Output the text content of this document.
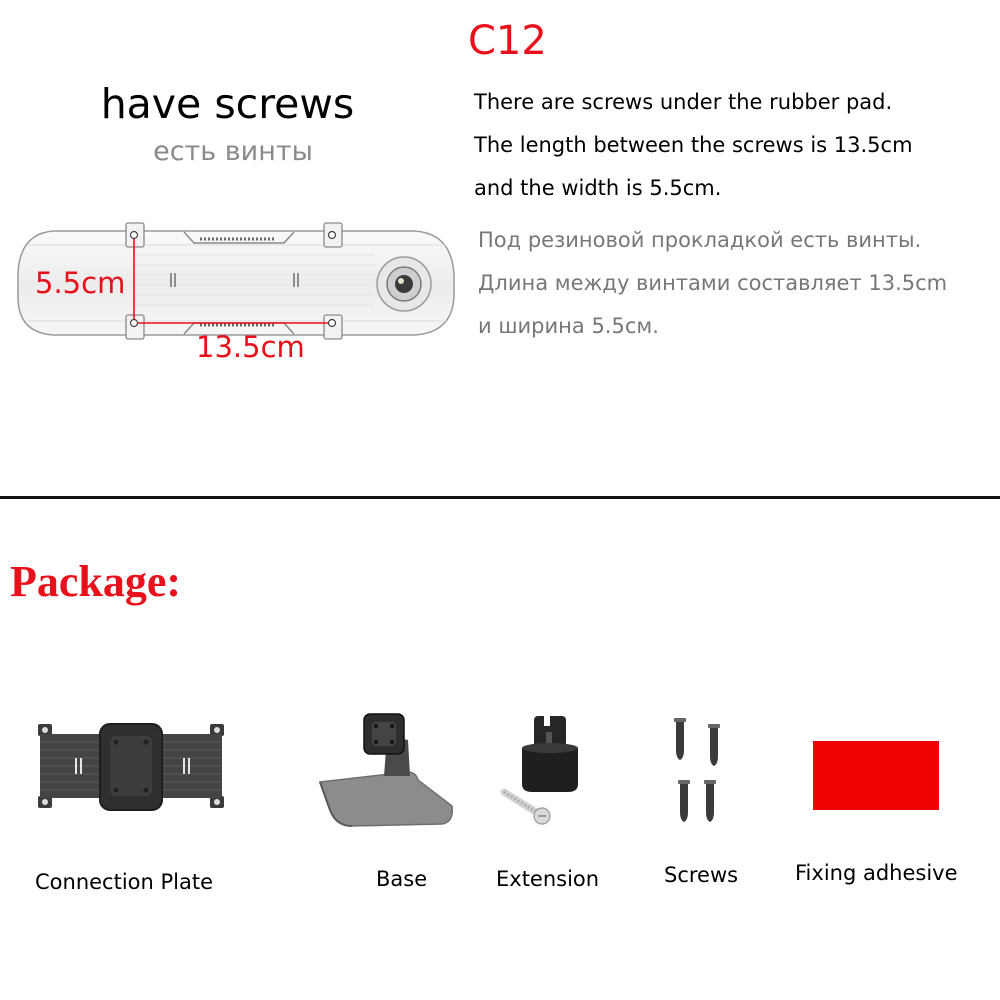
C12
have screws
есть винты
There are screws under the rubber pad.
The length between the screws is 13.5cm
and the width is 5.5cm.
Под резиновой прокладкой есть винты.
Длина между винтами составляет 13.5cm
и ширина 5.5см.
5.5cm
13.5cm
Package:
Connection Plate	Base	Extension	Screws	Fixing adhesive
